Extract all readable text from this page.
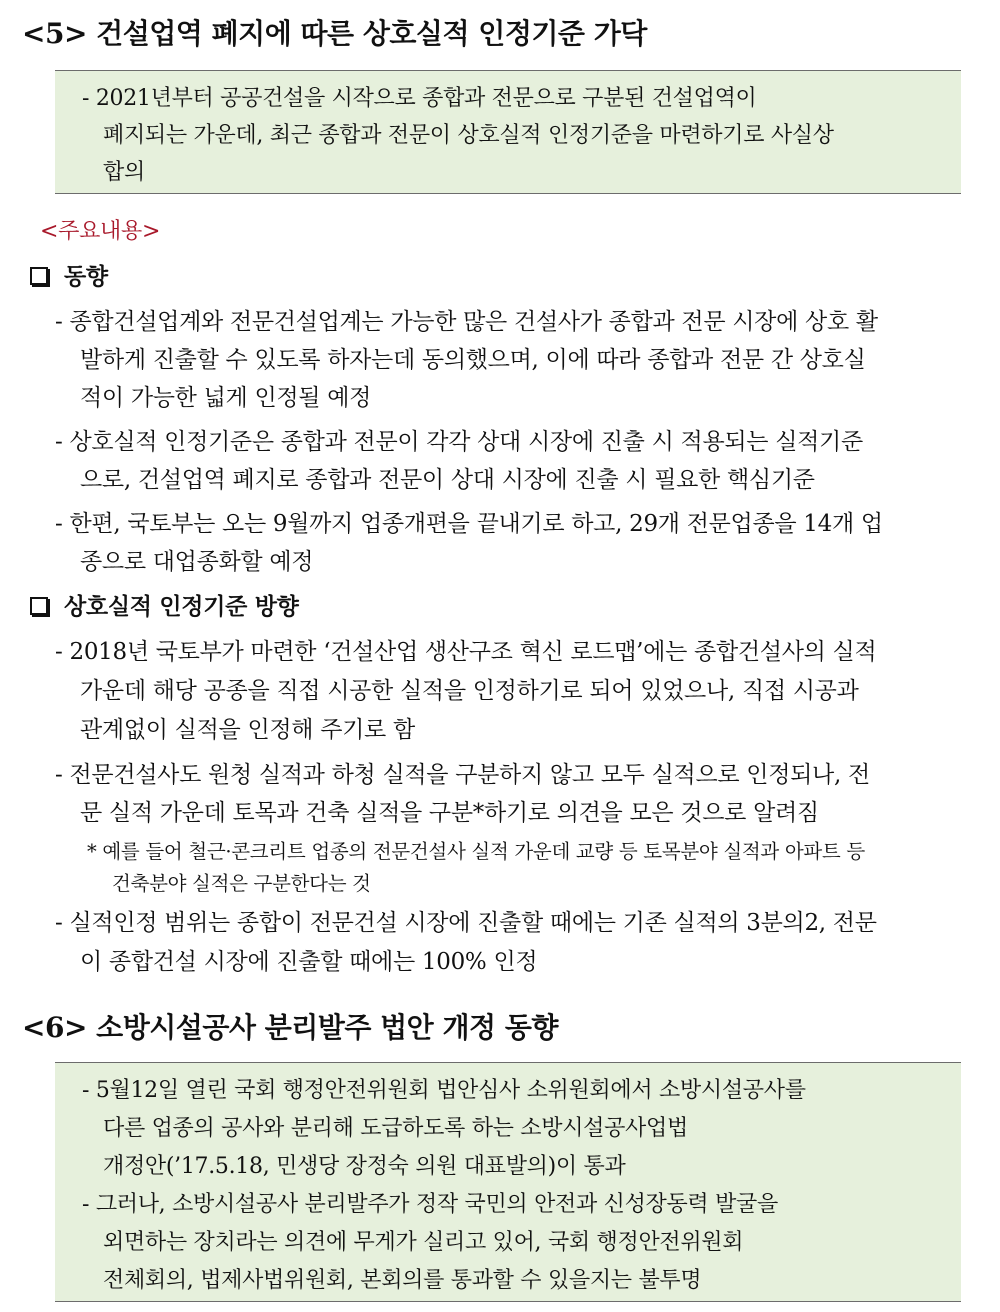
<5> 건설업역 폐지에 따른 상호실적 인정기준 가닥
- 2021년부터 공공건설을 시작으로 종합과 전문으로 구분된 건설업역이
폐지되는 가운데, 최근 종합과 전문이 상호실적 인정기준을 마련하기로 사실상
합의
<주요내용>
동향
- 종합건설업계와 전문건설업계는 가능한 많은 건설사가 종합과 전문 시장에 상호 활
발하게 진출할 수 있도록 하자는데 동의했으며, 이에 따라 종합과 전문 간 상호실
적이 가능한 넓게 인정될 예정
- 상호실적 인정기준은 종합과 전문이 각각 상대 시장에 진출 시 적용되는 실적기준
으로, 건설업역 폐지로 종합과 전문이 상대 시장에 진출 시 필요한 핵심기준
- 한편, 국토부는 오는 9월까지 업종개편을 끝내기로 하고, 29개 전문업종을 14개 업
종으로 대업종화할 예정
상호실적 인정기준 방향
- 2018년 국토부가 마련한 ‘건설산업 생산구조 혁신 로드맵’에는 종합건설사의 실적
가운데 해당 공종을 직접 시공한 실적을 인정하기로 되어 있었으나, 직접 시공과
관계없이 실적을 인정해 주기로 함
- 전문건설사도 원청 실적과 하청 실적을 구분하지 않고 모두 실적으로 인정되나, 전
문 실적 가운데 토목과 건축 실적을 구분*하기로 의견을 모은 것으로 알려짐
* 예를 들어 철근·콘크리트 업종의 전문건설사 실적 가운데 교량 등 토목분야 실적과 아파트 등
건축분야 실적은 구분한다는 것
- 실적인정 범위는 종합이 전문건설 시장에 진출할 때에는 기존 실적의 3분의2, 전문
이 종합건설 시장에 진출할 때에는 100% 인정
<6> 소방시설공사 분리발주 법안 개정 동향
- 5월12일 열린 국회 행정안전위원회 법안심사 소위원회에서 소방시설공사를
다른 업종의 공사와 분리해 도급하도록 하는 소방시설공사업법
개정안(’17.5.18, 민생당 장정숙 의원 대표발의)이 통과
- 그러나, 소방시설공사 분리발주가 정작 국민의 안전과 신성장동력 발굴을
외면하는 장치라는 의견에 무게가 실리고 있어, 국회 행정안전위원회
전체회의, 법제사법위원회, 본회의를 통과할 수 있을지는 불투명
